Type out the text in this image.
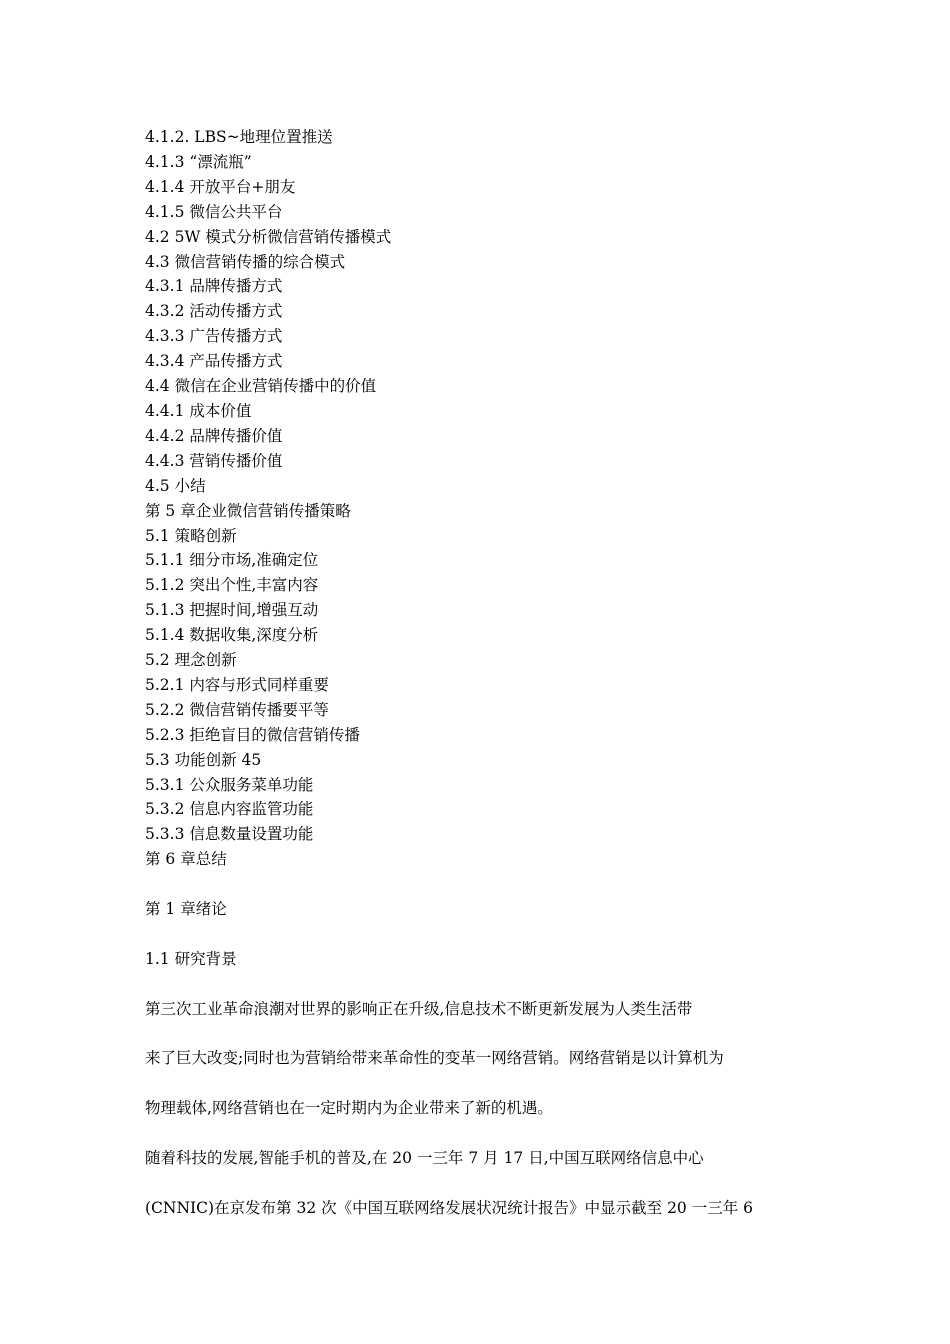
4.1.2. LBS~地理位置推送
4.1.3 “漂流瓶”
4.1.4 开放平台+朋友
4.1.5 微信公共平台
4.2 5W 模式分析微信营销传播模式
4.3 微信营销传播的综合模式
4.3.1 品牌传播方式
4.3.2 活动传播方式
4.3.3 广告传播方式
4.3.4 产品传播方式
4.4 微信在企业营销传播中的价值
4.4.1 成本价值
4.4.2 品牌传播价值
4.4.3 营销传播价值
4.5 小结
第 5 章企业微信营销传播策略
5.1 策略创新
5.1.1 细分市场,准确定位
5.1.2 突出个性,丰富内容
5.1.3 把握时间,增强互动
5.1.4 数据收集,深度分析
5.2 理念创新
5.2.1 内容与形式同样重要
5.2.2 微信营销传播要平等
5.2.3 拒绝盲目的微信营销传播
5.3 功能创新 45
5.3.1 公众服务菜单功能
5.3.2 信息内容监管功能
5.3.3 信息数量设置功能
第 6 章总结
第 1 章绪论
1.1 研究背景
第三次工业革命浪潮对世界的影响正在升级,信息技术不断更新发展为人类生活带
来了巨大改变;同时也为营销给带来革命性的变革一网络营销。网络营销是以计算机为
物理载体,网络营销也在一定时期内为企业带来了新的机遇。
随着科技的发展,智能手机的普及,在 20 一三年 7 月 17 日,中国互联网络信息中心
(CNNIC)在京发布第 32 次《中国互联网络发展状况统计报告》中显示截至 20 一三年 6
